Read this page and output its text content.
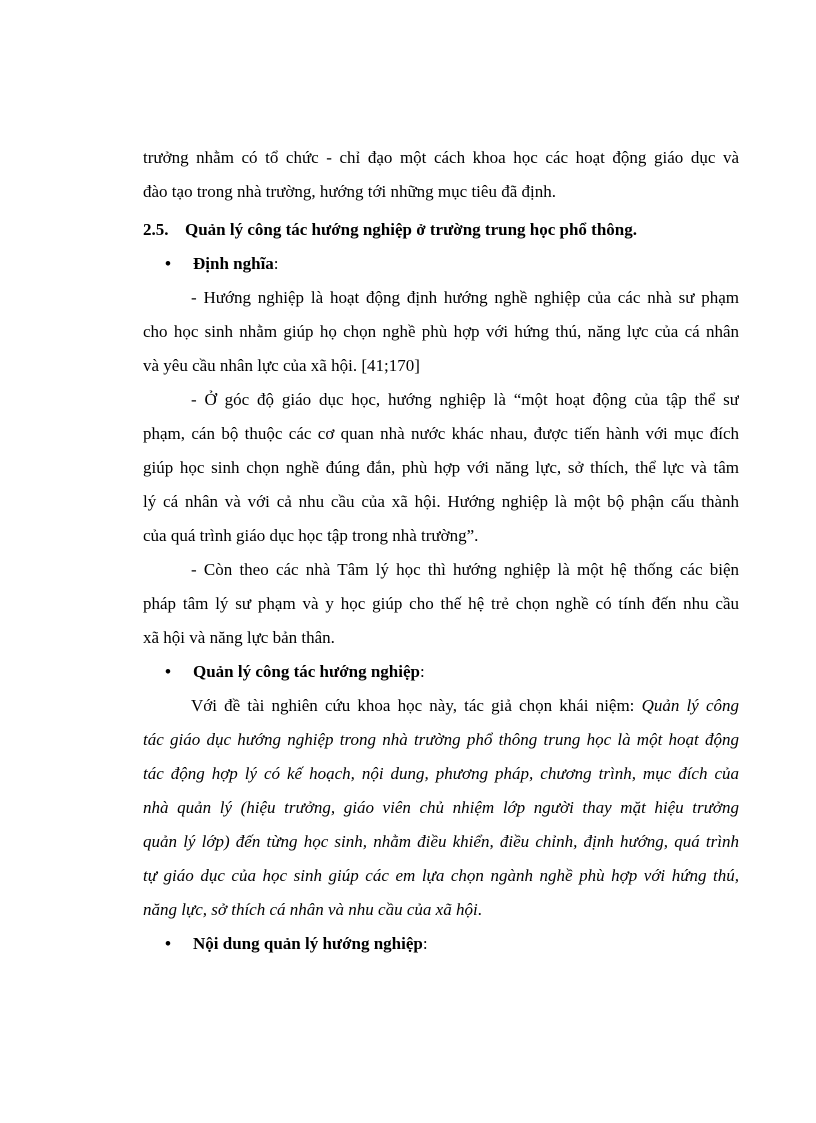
trưởng nhằm có tổ chức - chỉ đạo một cách khoa học các hoạt động giáo dục và
đào tạo trong nhà trường, hướng tới những mục tiêu đã định.
2.5. Quản lý công tác hướng nghiệp ở trường trung học phổ thông.
• Định nghĩa:
- Hướng nghiệp là hoạt động định hướng nghề nghiệp của các nhà sư phạm
cho học sinh nhằm giúp họ chọn nghề phù hợp với hứng thú, năng lực của cá nhân
và yêu cầu nhân lực của xã hội. [41;170]
- Ở góc độ giáo dục học, hướng nghiệp là “một hoạt động của tập thể sư
phạm, cán bộ thuộc các cơ quan nhà nước khác nhau, được tiến hành với mục đích
giúp học sinh chọn nghề đúng đắn, phù hợp với năng lực, sở thích, thể lực và tâm
lý cá nhân và với cả nhu cầu của xã hội. Hướng nghiệp là một bộ phận cấu thành
của quá trình giáo dục học tập trong nhà trường”.
- Còn theo các nhà Tâm lý học thì hướng nghiệp là một hệ thống các biện
pháp tâm lý sư phạm và y học giúp cho thế hệ trẻ chọn nghề có tính đến nhu cầu
xã hội và năng lực bản thân.
• Quản lý công tác hướng nghiệp:
Với đề tài nghiên cứu khoa học này, tác giả chọn khái niệm: Quản lý công
tác giáo dục hướng nghiệp trong nhà trường phổ thông trung học là một hoạt động
tác động hợp lý có kế hoạch, nội dung, phương pháp, chương trình, mục đích của
nhà quản lý (hiệu trưởng, giáo viên chủ nhiệm lớp người thay mặt hiệu trưởng
quản lý lớp) đến từng học sinh, nhằm điều khiển, điều chỉnh, định hướng, quá trình
tự giáo dục của học sinh giúp các em lựa chọn ngành nghề phù hợp với hứng thú,
năng lực, sở thích cá nhân và nhu cầu của xã hội.
• Nội dung quản lý hướng nghiệp:
